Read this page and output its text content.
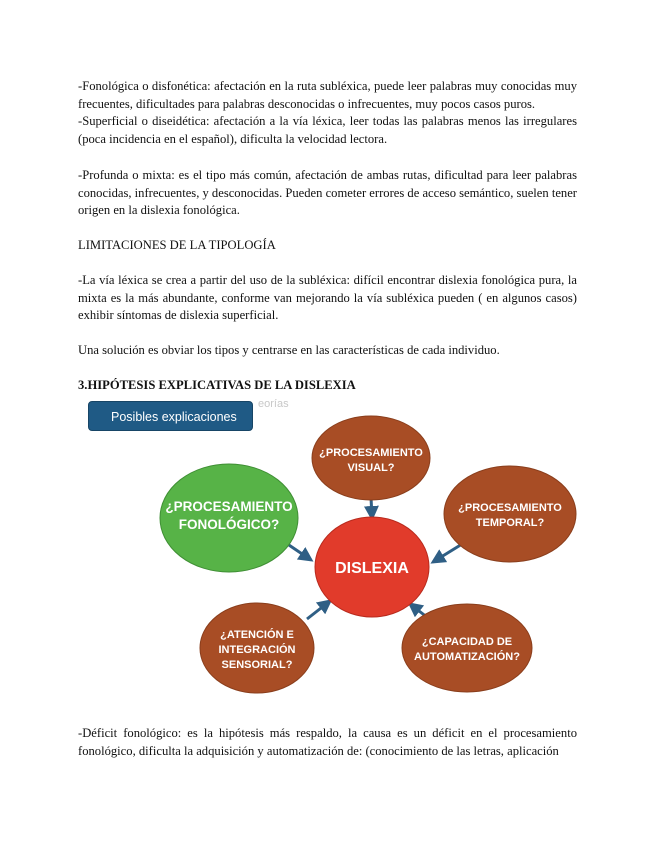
-Fonológica o disfonética: afectación en la ruta subléxica, puede leer palabras muy conocidas muy frecuentes, dificultades para palabras desconocidas o infrecuentes, muy pocos casos puros.

-Superficial o diseidética: afectación a la vía léxica, leer todas las palabras menos las irregulares (poca incidencia en el español), dificulta la velocidad lectora.

-Profunda o mixta: es el tipo más común, afectación de ambas rutas, dificultad para leer palabras conocidas, infrecuentes, y desconocidas. Pueden cometer errores de acceso semántico, suelen tener origen en la dislexia fonológica.

LIMITACIONES DE LA TIPOLOGÍA

-La vía léxica se crea a partir del uso de la subléxica: difícil encontrar dislexia fonológica pura, la mixta es la más abundante, conforme van mejorando la vía subléxica pueden ( en algunos casos) exhibir síntomas de dislexia superficial.

Una solución es obviar los tipos y centrarse en las características de cada individuo.

3.HIPÓTESIS EXPLICATIVAS DE LA DISLEXIA

¿PROCESAMIENTO
VISUAL?
¿PROCESAMIENTO
FONOLÓGICO?
¿PROCESAMIENTO
TEMPORAL?
DISLEXIA
¿ATENCIÓN E
INTEGRACIÓN
SENSORIAL?
¿CAPACIDAD DE
AUTOMATIZACIÓN?
eorías
Posibles explicaciones

-Déficit fonológico: es la hipótesis más respaldo, la causa es un déficit en el procesamiento fonológico, dificulta la adquisición y automatización de: (conocimiento de las letras, aplicación
